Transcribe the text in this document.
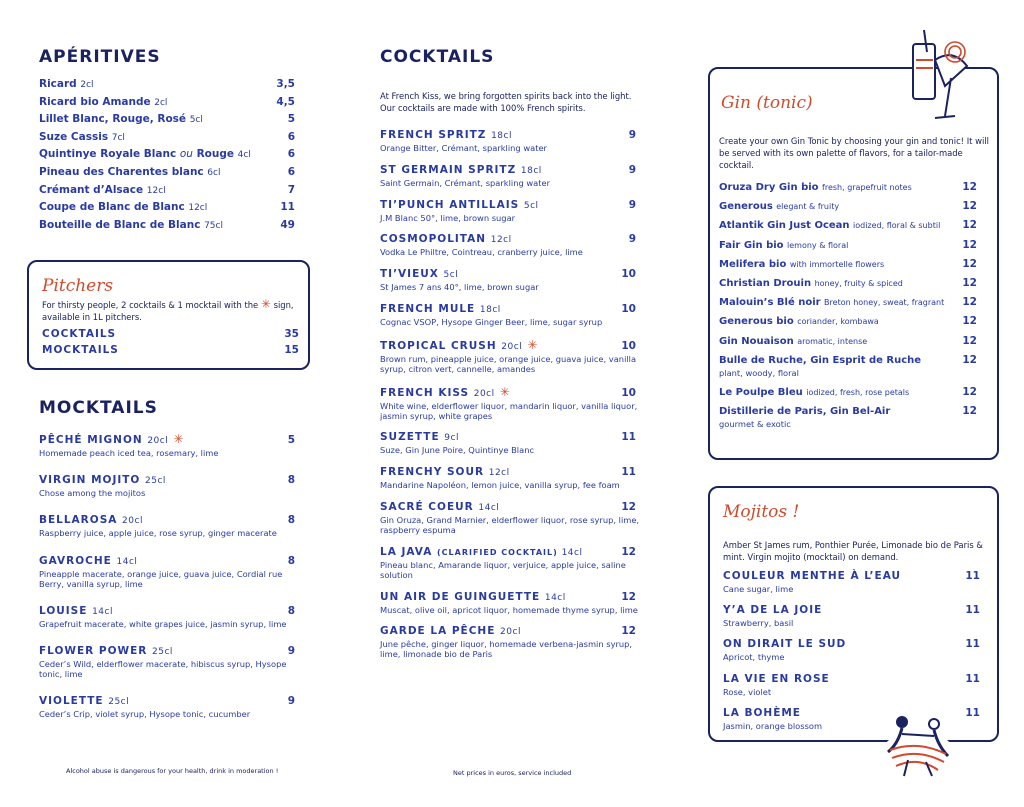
APÉRITIVES
Ricard 2cl	3,5
Ricard bio Amande 2cl	4,5
Lillet Blanc, Rouge, Rosé 5cl	5
Suze Cassis 7cl	6
Quintinye Royale Blanc ou Rouge 4cl	6
Pineau des Charentes blanc 6cl	6
Crémant d’Alsace 12cl	7
Coupe de Blanc de Blanc 12cl	11
Bouteille de Blanc de Blanc 75cl	49
Pitchers
For thirsty people, 2 cocktails & 1 mocktail with the ✳ sign,
available in 1L pitchers.
COCKTAILS	35
MOCKTAILS	15
MOCKTAILS
PÊCHÉ MIGNON 20cl ✳	5
Homemade peach iced tea, rosemary, lime
VIRGIN MOJITO 25cl	8
Chose among the mojitos
BELLAROSA 20cl	8
Raspberry juice, apple juice, rose syrup, ginger macerate
GAVROCHE 14cl	8
Pineapple macerate, orange juice, guava juice, Cordial rue Berry, vanilla syrup, lime
LOUISE 14cl	8
Grapefruit macerate, white grapes juice, jasmin syrup, lime
FLOWER POWER 25cl	9
Ceder’s Wild, elderflower macerate, hibiscus syrup, Hysope tonic, lime
VIOLETTE 25cl	9
Ceder’s Crip, violet syrup, Hysope tonic, cucumber
Alcohol abuse is dangerous for your health, drink in moderation !
COCKTAILS
At French Kiss, we bring forgotten spirits back into the light. Our cocktails are made with 100% French spirits.
FRENCH SPRITZ 18cl	9
Orange Bitter, Crémant, sparkling water
ST GERMAIN SPRITZ 18cl	9
Saint Germain, Crémant, sparkling water
TI’PUNCH ANTILLAIS 5cl	9
J.M Blanc 50°, lime, brown sugar
COSMOPOLITAN 12cl	9
Vodka Le Philtre, Cointreau, cranberry juice, lime
TI’VIEUX 5cl	10
St James 7 ans 40°, lime, brown sugar
FRENCH MULE 18cl	10
Cognac VSOP, Hysope Ginger Beer, lime, sugar syrup
TROPICAL CRUSH 20cl ✳	10
Brown rum, pineapple juice, orange juice, guava juice, vanilla syrup, citron vert, cannelle, amandes
FRENCH KISS 20cl ✳	10
White wine, elderflower liquor, mandarin liquor, vanilla liquor, jasmin syrup, white grapes
SUZETTE 9cl	11
Suze, Gin June Poire, Quintinye Blanc
FRENCHY SOUR 12cl	11
Mandarine Napoléon, lemon juice, vanilla syrup, fee foam
SACRÉ COEUR 14cl	12
Gin Oruza, Grand Marnier, elderflower liquor, rose syrup, lime, raspberry espuma
LA JAVA (CLARIFIED COCKTAIL) 14cl	12
Pineau blanc, Amarande liquor, verjuice, apple juice, saline solution
UN AIR DE GUINGUETTE 14cl	12
Muscat, olive oil, apricot liquor, homemade thyme syrup, lime
GARDE LA PÊCHE 20cl	12
June pêche, ginger liquor, homemade verbena-jasmin syrup, lime, limonade bio de Paris
Net prices in euros, service included
Gin (tonic)
Create your own Gin Tonic by choosing your gin and tonic! It will be served with its own palette of flavors, for a tailor-made cocktail.
Oruza Dry Gin bio fresh, grapefruit notes	12
Generous elegant & fruity	12
Atlantik Gin Just Ocean iodized, floral & subtil 12
Fair Gin bio lemony & floral	12
Melifera bio with immortelle flowers	12
Christian Drouin honey, fruity & spiced	12
Malouin’s Blé noir Breton honey, sweat, fragrant 12
Generous bio coriander, kombawa	12
Gin Nouaison aromatic, intense	12
Bulle de Ruche, Gin Esprit de Ruche	12
plant, woody, floral
Le Poulpe Bleu iodized, fresh, rose petals	12
Distillerie de Paris, Gin Bel-Air	12
gourmet & exotic
Mojitos !
Amber St James rum, Ponthier Purée, Limonade bio de Paris & mint. Virgin mojito (mocktail) on demand.
COULEUR MENTHE À L’EAU	11
Cane sugar, lime
Y’A DE LA JOIE	11
Strawberry, basil
ON DIRAIT LE SUD	11
Apricot, thyme
LA VIE EN ROSE	11
Rose, violet
LA BOHÈME	11
Jasmin, orange blossom
